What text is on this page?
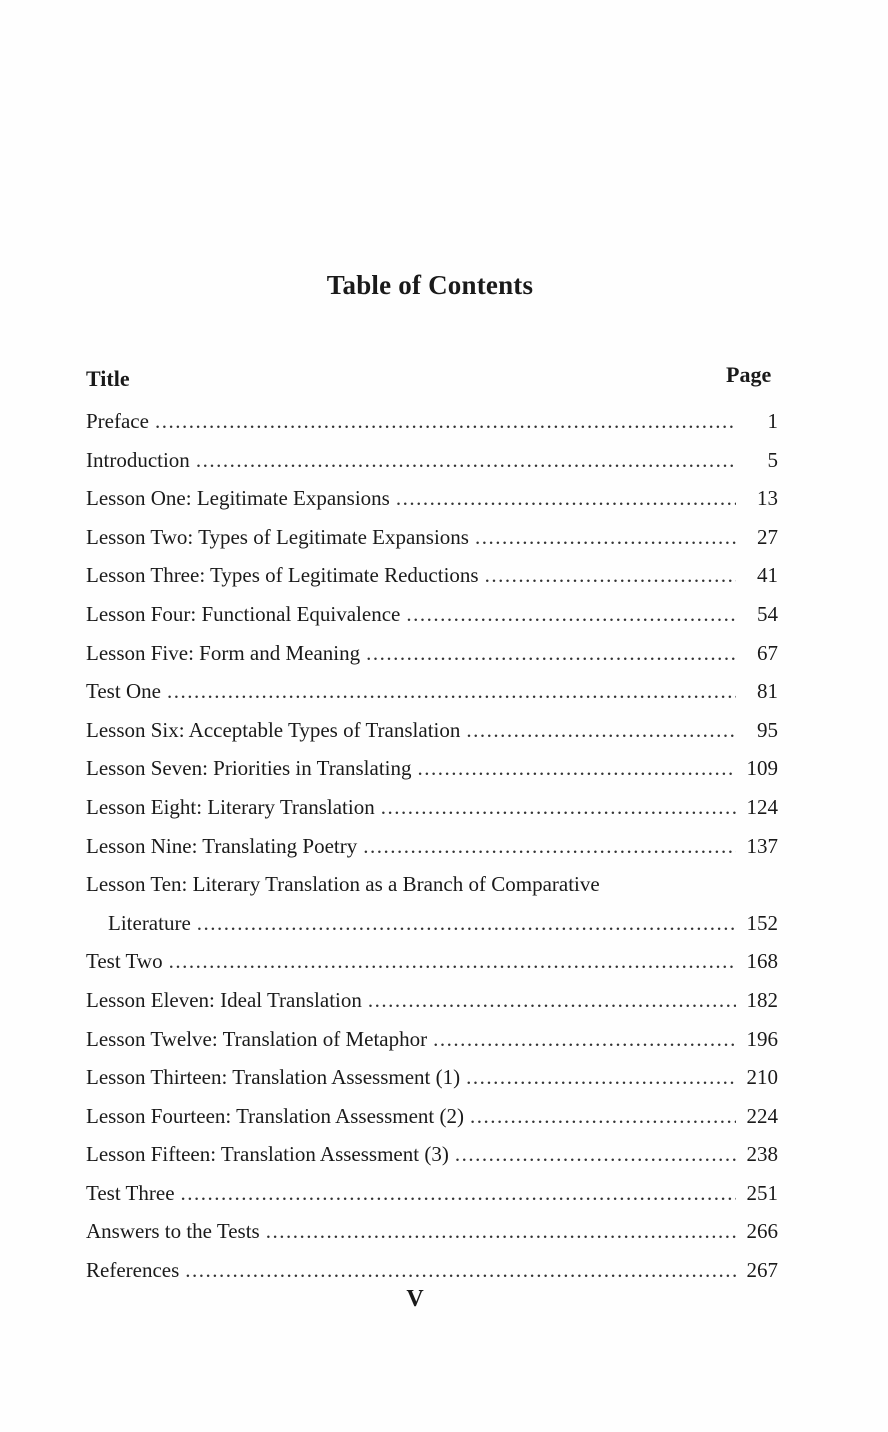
Table of Contents
Title	Page
Preface .....	1
Introduction .....	5
Lesson One: Legitimate Expansions .....	13
Lesson Two: Types of Legitimate Expansions .....	27
Lesson Three: Types of Legitimate Reductions .....	41
Lesson Four: Functional Equivalence .....	54
Lesson Five: Form and Meaning .....	67
Test One .....	81
Lesson Six: Acceptable Types of Translation .....	95
Lesson Seven: Priorities in Translating .....	109
Lesson Eight: Literary Translation .....	124
Lesson Nine: Translating Poetry .....	137
Lesson Ten: Literary Translation as a Branch of Comparative
Literature .....	152
Test Two .....	168
Lesson Eleven: Ideal Translation .....	182
Lesson Twelve: Translation of Metaphor .....	196
Lesson Thirteen: Translation Assessment (1) .....	210
Lesson Fourteen: Translation Assessment (2) .....	224
Lesson Fifteen: Translation Assessment (3) .....	238
Test Three .....	251
Answers to the Tests .....	266
References .....	267
V
